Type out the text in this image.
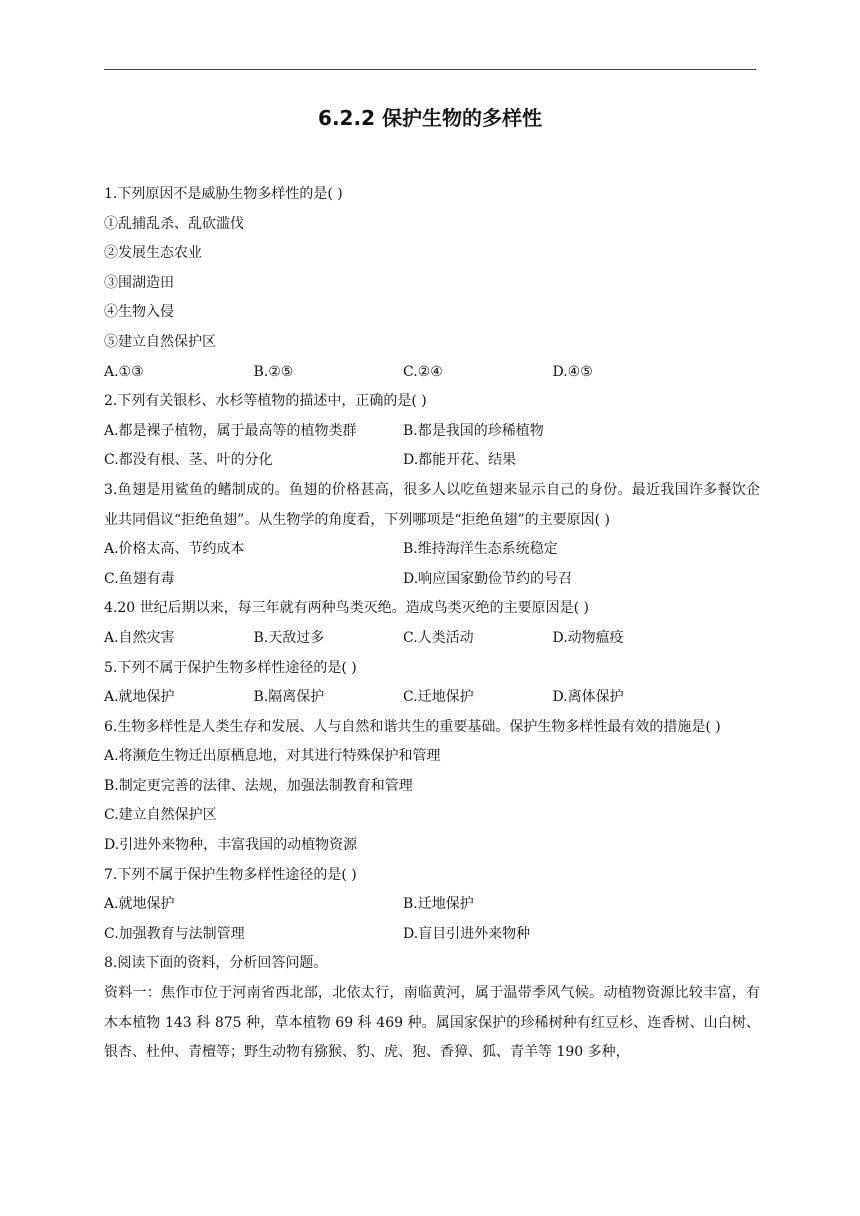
6.2.2 保护生物的多样性
1.下列原因不是威胁生物多样性的是( )
①乱捕乱杀、乱砍滥伐
②发展生态农业
③围湖造田
④生物入侵
⑤建立自然保护区
A.①③	B.②⑤	C.②④	D.④⑤
2.下列有关银杉、水杉等植物的描述中，正确的是( )
A.都是裸子植物，属于最高等的植物类群	B.都是我国的珍稀植物
C.都没有根、茎、叶的分化	D.都能开花、结果
3.鱼翅是用鲨鱼的鳍制成的。鱼翅的价格甚高，很多人以吃鱼翅来显示自己的身份。最近我国许多餐饮企业共同倡议“拒绝鱼翅”。从生物学的角度看，下列哪项是“拒绝鱼翅”的主要原因( )
A.价格太高、节约成本	B.维持海洋生态系统稳定
C.鱼翅有毒	D.响应国家勤俭节约的号召
4.20 世纪后期以来，每三年就有两种鸟类灭绝。造成鸟类灭绝的主要原因是( )
A.自然灾害	B.天敌过多	C.人类活动	D.动物瘟疫
5.下列不属于保护生物多样性途径的是( )
A.就地保护	B.隔离保护	C.迁地保护	D.离体保护
6.生物多样性是人类生存和发展、人与自然和谐共生的重要基础。保护生物多样性最有效的措施是( )
A.将濒危生物迁出原栖息地，对其进行特殊保护和管理
B.制定更完善的法律、法规，加强法制教育和管理
C.建立自然保护区
D.引进外来物种，丰富我国的动植物资源
7.下列不属于保护生物多样性途径的是( )
A.就地保护	B.迁地保护
C.加强教育与法制管理	D.盲目引进外来物种
8.阅读下面的资料，分析回答问题。
资料一：焦作市位于河南省西北部，北依太行，南临黄河，属于温带季风气候。动植物资源比较丰富，有木本植物 143 科 875 种，草本植物 69 科 469 种。属国家保护的珍稀树种有红豆杉、连香树、山白树、银杏、杜仲、青檀等；野生动物有猕猴、豹、虎、狍、香獐、狐、青羊等 190 多种，
